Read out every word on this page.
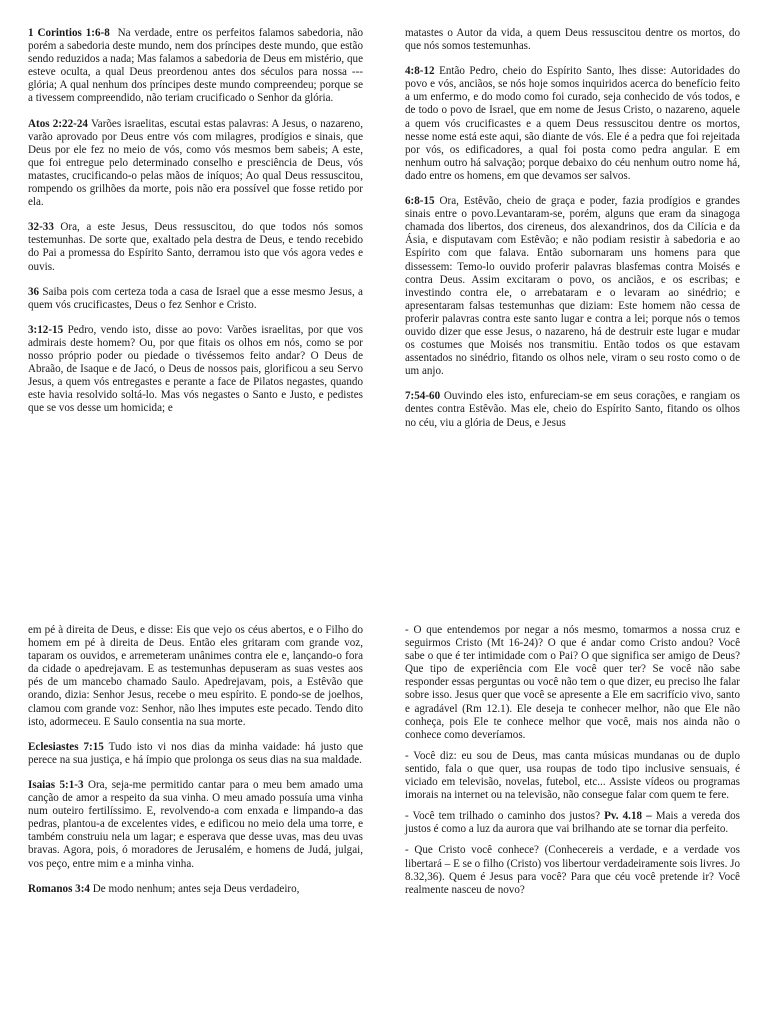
1 Corintios 1:6-8 Na verdade, entre os perfeitos falamos sabedoria, não porém a sabedoria deste mundo, nem dos príncipes deste mundo, que estão sendo reduzidos a nada; Mas falamos a sabedoria de Deus em mistério, que esteve oculta, a qual Deus preordenou antes dos séculos para nossa ---glória; A qual nenhum dos príncipes deste mundo compreendeu; porque se a tivessem compreendido, não teriam crucificado o Senhor da glória.

Atos 2:22-24 Varões israelitas, escutai estas palavras: A Jesus, o nazareno, varão aprovado por Deus entre vós com milagres, prodígios e sinais, que Deus por ele fez no meio de vós, como vós mesmos bem sabeis; A este, que foi entregue pelo determinado conselho e presciência de Deus, vós matastes, crucificando-o pelas mãos de iníquos; Ao qual Deus ressuscitou, rompendo os grilhões da morte, pois não era possível que fosse retido por ela.

32-33 Ora, a este Jesus, Deus ressuscitou, do que todos nós somos testemunhas. De sorte que, exaltado pela destra de Deus, e tendo recebido do Pai a promessa do Espírito Santo, derramou isto que vós agora vedes e ouvis.

36 Saiba pois com certeza toda a casa de Israel que a esse mesmo Jesus, a quem vós crucificastes, Deus o fez Senhor e Cristo.

3:12-15 Pedro, vendo isto, disse ao povo: Varões israelitas, por que vos admirais deste homem? Ou, por que fitais os olhos em nós, como se por nosso próprio poder ou piedade o tivéssemos feito andar? O Deus de Abraão, de Isaque e de Jacó, o Deus de nossos pais, glorificou a seu Servo Jesus, a quem vós entregastes e perante a face de Pilatos negastes, quando este havia resolvido soltá-lo. Mas vós negastes o Santo e Justo, e pedistes que se vos desse um homicida; e

matastes o Autor da vida, a quem Deus ressuscitou dentre os mortos, do que nós somos testemunhas.

4:8-12 Então Pedro, cheio do Espírito Santo, lhes disse: Autoridades do povo e vós, anciãos, se nós hoje somos inquiridos acerca do benefício feito a um enfermo, e do modo como foi curado, seja conhecido de vós todos, e de todo o povo de Israel, que em nome de Jesus Cristo, o nazareno, aquele a quem vós crucificastes e a quem Deus ressuscitou dentre os mortos, nesse nome está este aqui, são diante de vós. Ele é a pedra que foi rejeitada por vós, os edificadores, a qual foi posta como pedra angular. E em nenhum outro há salvação; porque debaixo do céu nenhum outro nome há, dado entre os homens, em que devamos ser salvos.

6:8-15 Ora, Estêvão, cheio de graça e poder, fazia prodígios e grandes sinais entre o povo.Levantaram-se, porém, alguns que eram da sinagoga chamada dos libertos, dos cireneus, dos alexandrinos, dos da Cilícia e da Ásia, e disputavam com Estêvão; e não podiam resistir à sabedoria e ao Espírito com que falava. Então subornaram uns homens para que dissessem: Temo-lo ouvido proferir palavras blasfemas contra Moisés e contra Deus. Assim excitaram o povo, os anciãos, e os escribas; e investindo contra ele, o arrebataram e o levaram ao sinédrio; e apresentaram falsas testemunhas que diziam: Este homem não cessa de proferir palavras contra este santo lugar e contra a lei; porque nós o temos ouvido dizer que esse Jesus, o nazareno, há de destruir este lugar e mudar os costumes que Moisés nos transmitiu. Então todos os que estavam assentados no sinédrio, fitando os olhos nele, viram o seu rosto como o de um anjo.

7:54-60 Ouvindo eles isto, enfureciam-se em seus corações, e rangiam os dentes contra Estêvão. Mas ele, cheio do Espírito Santo, fitando os olhos no céu, viu a glória de Deus, e Jesus

em pé à direita de Deus, e disse: Eis que vejo os céus abertos, e o Filho do homem em pé à direita de Deus. Então eles gritaram com grande voz, taparam os ouvidos, e arremeteram unânimes contra ele e, lançando-o fora da cidade o apedrejavam. E as testemunhas depuseram as suas vestes aos pés de um mancebo chamado Saulo. Apedrejavam, pois, a Estêvão que orando, dizia: Senhor Jesus, recebe o meu espírito. E pondo-se de joelhos, clamou com grande voz: Senhor, não lhes imputes este pecado. Tendo dito isto, adormeceu. E Saulo consentia na sua morte.

Eclesiastes 7:15 Tudo isto vi nos dias da minha vaidade: há justo que perece na sua justiça, e há ímpio que prolonga os seus dias na sua maldade.

Isaias 5:1-3 Ora, seja-me permitido cantar para o meu bem amado uma canção de amor a respeito da sua vinha. O meu amado possuía uma vinha num outeiro fertilíssimo. E, revolvendo-a com enxada e limpando-a das pedras, plantou-a de excelentes vides, e edificou no meio dela uma torre, e também construiu nela um lagar; e esperava que desse uvas, mas deu uvas bravas. Agora, pois, ó moradores de Jerusalém, e homens de Judá, julgai, vos peço, entre mim e a minha vinha.

Romanos 3:4 De modo nenhum; antes seja Deus verdadeiro,

- O que entendemos por negar a nós mesmo, tomarmos a nossa cruz e seguirmos Cristo (Mt 16-24)? O que é andar como Cristo andou? Você sabe o que é ter intimidade com o Pai? O que significa ser amigo de Deus? Que tipo de experiência com Ele você quer ter? Se você não sabe responder essas perguntas ou você não tem o que dizer, eu preciso lhe falar sobre isso. Jesus quer que você se apresente a Ele em sacrifício vivo, santo e agradável (Rm 12.1). Ele deseja te conhecer melhor, não que Ele não conheça, pois Ele te conhece melhor que você, mais nos ainda não o conhece como deveríamos.

- Você diz: eu sou de Deus, mas canta músicas mundanas ou de duplo sentido, fala o que quer, usa roupas de todo tipo inclusive sensuais, é viciado em televisão, novelas, futebol, etc... Assiste vídeos ou programas imorais na internet ou na televisão, não consegue falar com quem te fere.

- Você tem trilhado o caminho dos justos? Pv. 4.18 – Mais a vereda dos justos é como a luz da aurora que vai brilhando ate se tornar dia perfeito.

- Que Cristo você conhece? (Conhecereis a verdade, e a verdade vos libertará – E se o filho (Cristo) vos libertour verdadeiramente sois livres. Jo 8.32,36). Quem é Jesus para você? Para que céu você pretende ir? Você realmente nasceu de novo?
